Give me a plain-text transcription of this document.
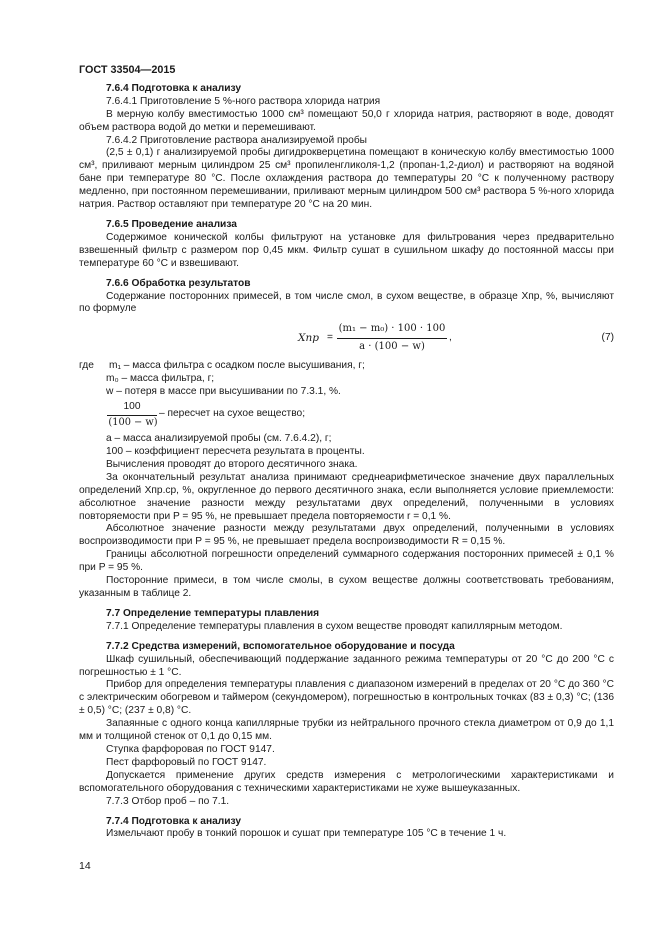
ГОСТ 33504—2015

7.6.4 Подготовка к анализу

7.6.4.1 Приготовление 5 %-ного раствора хлорида натрия

В мерную колбу вместимостью 1000 см³ помещают 50,0 г хлорида натрия, растворяют в воде, доводят объем раствора водой до метки и перемешивают.

7.6.4.2 Приготовление раствора анализируемой пробы

(2,5 ± 0,1) г анализируемой пробы дигидрокверцетина помещают в коническую колбу вместимостью 1000 см³, приливают мерным цилиндром 25 см³ пропиленгликоля-1,2 (пропан-1,2-диол) и растворяют на водяной бане при температуре 80 °С. После охлаждения раствора до температуры 20 °С к полученному раствору медленно, при постоянном перемешивании, приливают мерным цилиндром 500 см³ раствора 5 %-ного хлорида натрия. Раствор оставляют при температуре 20 °С на 20 мин.

7.6.5 Проведение анализа

Содержимое конической колбы фильтруют на установке для фильтрования через предварительно взвешенный фильтр с размером пор 0,45 мкм. Фильтр сушат в сушильном шкафу до постоянной массы при температуре 60 °С и взвешивают.

7.6.6 Обработка результатов

Содержание посторонних примесей, в том числе смол, в сухом веществе, в образце Xпр, %, вычисляют по формуле

Xпр =
(m₁ − m₀) · 100 · 100
a · (100 − w)
,	(7)
где m₁ – масса фильтра с осадком после высушивания, г;

m₀ – масса фильтра, г;

w – потеря в массе при высушивании по 7.3.1, %.

100
(100 − w)
– пересчет на сухое вещество;

a – масса анализируемой пробы (см. 7.6.4.2), г;

100 – коэффициент пересчета результата в проценты.

Вычисления проводят до второго десятичного знака.

За окончательный результат анализа принимают среднеарифметическое значение двух параллельных определений Xпр.ср, %, округленное до первого десятичного знака, если выполняется условие приемлемости: абсолютное значение разности между результатами двух определений, полученными в условиях повторяемости при P = 95 %, не превышает предела повторяемости r = 0,1 %.

Абсолютное значение разности между результатами двух определений, полученными в условиях воспроизводимости при P = 95 %, не превышает предела воспроизводимости R = 0,15 %.

Границы абсолютной погрешности определений суммарного содержания посторонних примесей ± 0,1 % при P = 95 %.

Посторонние примеси, в том числе смолы, в сухом веществе должны соответствовать требованиям, указанным в таблице 2.

7.7 Определение температуры плавления

7.7.1 Определение температуры плавления в сухом веществе проводят капиллярным методом.

7.7.2 Средства измерений, вспомогательное оборудование и посуда

Шкаф сушильный, обеспечивающий поддержание заданного режима температуры от 20 °С до 200 °С с погрешностью ± 1 °С.

Прибор для определения температуры плавления с диапазоном измерений в пределах от 20 °С до 360 °С с электрическим обогревом и таймером (секундомером), погрешностью в контрольных точках (83 ± 0,3) °С; (136 ± 0,5) °С; (237 ± 0,8) °С.

Запаянные с одного конца капиллярные трубки из нейтрального прочного стекла диаметром от 0,9 до 1,1 мм и толщиной стенок от 0,1 до 0,15 мм.

Ступка фарфоровая по ГОСТ 9147.

Пест фарфоровый по ГОСТ 9147.

Допускается применение других средств измерения с метрологическими характеристиками и вспомогательного оборудования с техническими характеристиками не хуже вышеуказанных.

7.7.3 Отбор проб – по 7.1.

7.7.4 Подготовка к анализу

Измельчают пробу в тонкий порошок и сушат при температуре 105 °С в течение 1 ч.

14
